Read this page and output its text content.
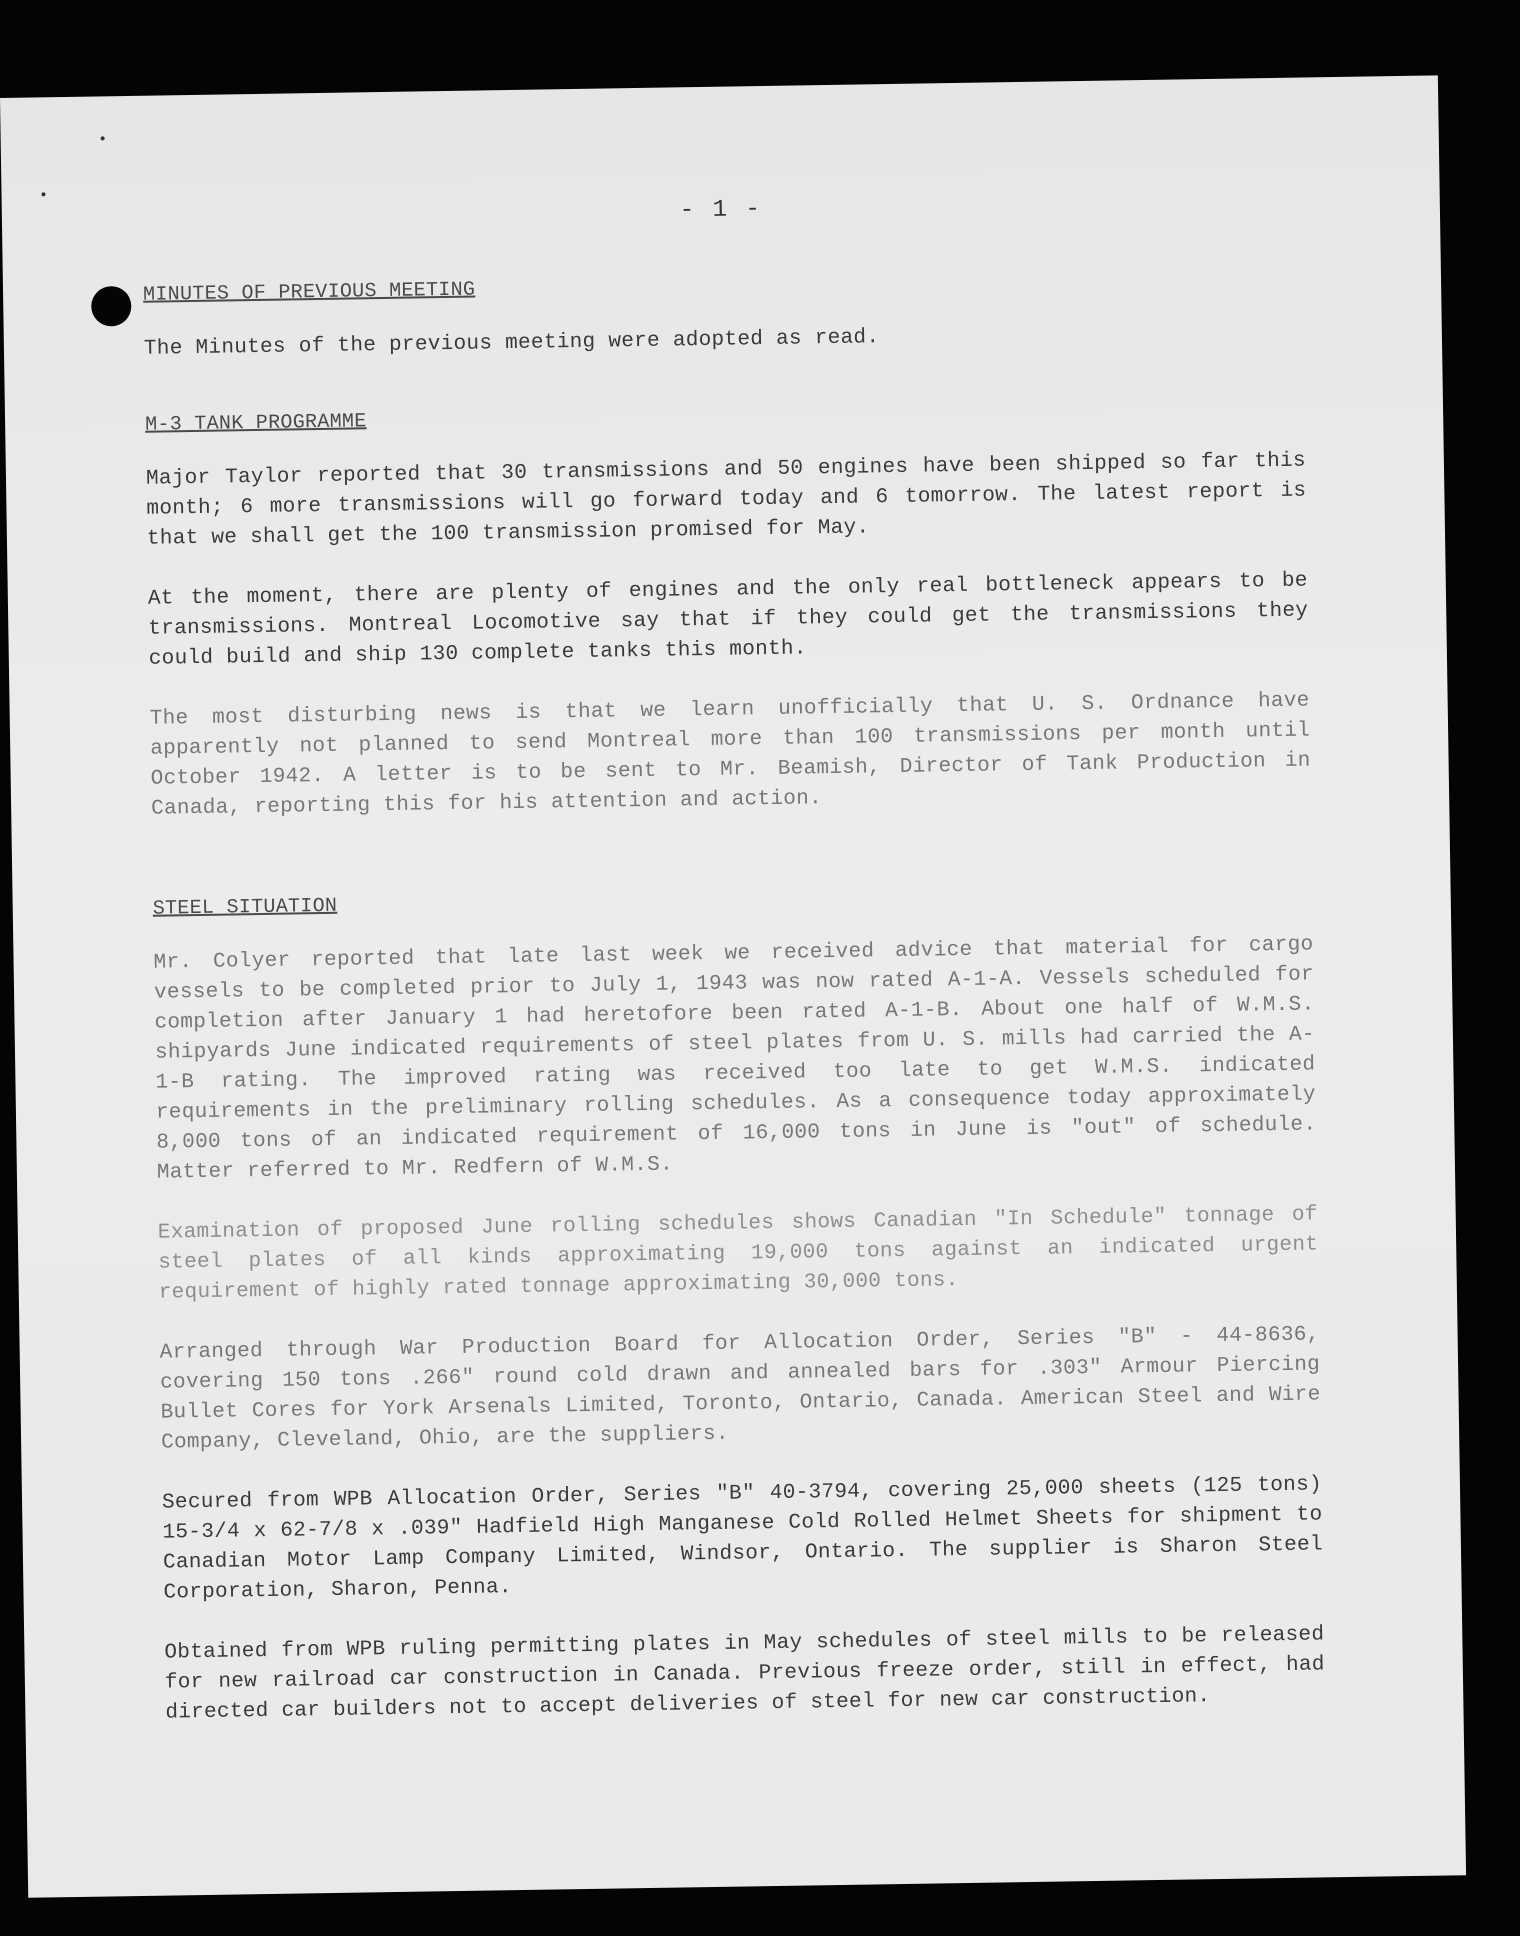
- 1 -
MINUTES OF PREVIOUS MEETING

The Minutes of the previous meeting were adopted as read.

M-3 TANK PROGRAMME

Major Taylor reported that 30 transmissions and 50 engines have been shipped so far this month; 6 more transmissions will go forward today and 6 tomorrow. The latest report is that we shall get the 100 transmission promised for May.

At the moment, there are plenty of engines and the only real bottleneck appears to be transmissions. Montreal Locomotive say that if they could get the transmissions they could build and ship 130 complete tanks this month.

The most disturbing news is that we learn unofficially that U. S. Ordnance have apparently not planned to send Montreal more than 100 transmissions per month until October 1942. A letter is to be sent to Mr. Beamish, Director of Tank Production in Canada, reporting this for his attention and action.

STEEL SITUATION

Mr. Colyer reported that late last week we received advice that material for cargo vessels to be completed prior to July 1, 1943 was now rated A-1-A. Vessels scheduled for completion after January 1 had heretofore been rated A-1-B. About one half of W.M.S. shipyards June indicated requirements of steel plates from U. S. mills had carried the A-1-B rating. The improved rating was received too late to get W.M.S. indicated requirements in the preliminary rolling schedules. As a consequence today approximately 8,000 tons of an indicated requirement of 16,000 tons in June is "out" of schedule. Matter referred to Mr. Redfern of W.M.S.

Examination of proposed June rolling schedules shows Canadian "In Schedule" tonnage of steel plates of all kinds approximating 19,000 tons against an indicated urgent requirement of highly rated tonnage approximating 30,000 tons.

Arranged through War Production Board for Allocation Order, Series "B" - 44-8636, covering 150 tons .266" round cold drawn and annealed bars for .303" Armour Piercing Bullet Cores for York Arsenals Limited, Toronto, Ontario, Canada. American Steel and Wire Company, Cleveland, Ohio, are the suppliers.

Secured from WPB Allocation Order, Series "B" 40-3794, covering 25,000 sheets (125 tons) 15-3/4 x 62-7/8 x .039" Hadfield High Manganese Cold Rolled Helmet Sheets for shipment to Canadian Motor Lamp Company Limited, Windsor, Ontario. The supplier is Sharon Steel Corporation, Sharon, Penna.

Obtained from WPB ruling permitting plates in May schedules of steel mills to be released for new railroad car construction in Canada. Previous freeze order, still in effect, had directed car builders not to accept deliveries of steel for new car construction.
